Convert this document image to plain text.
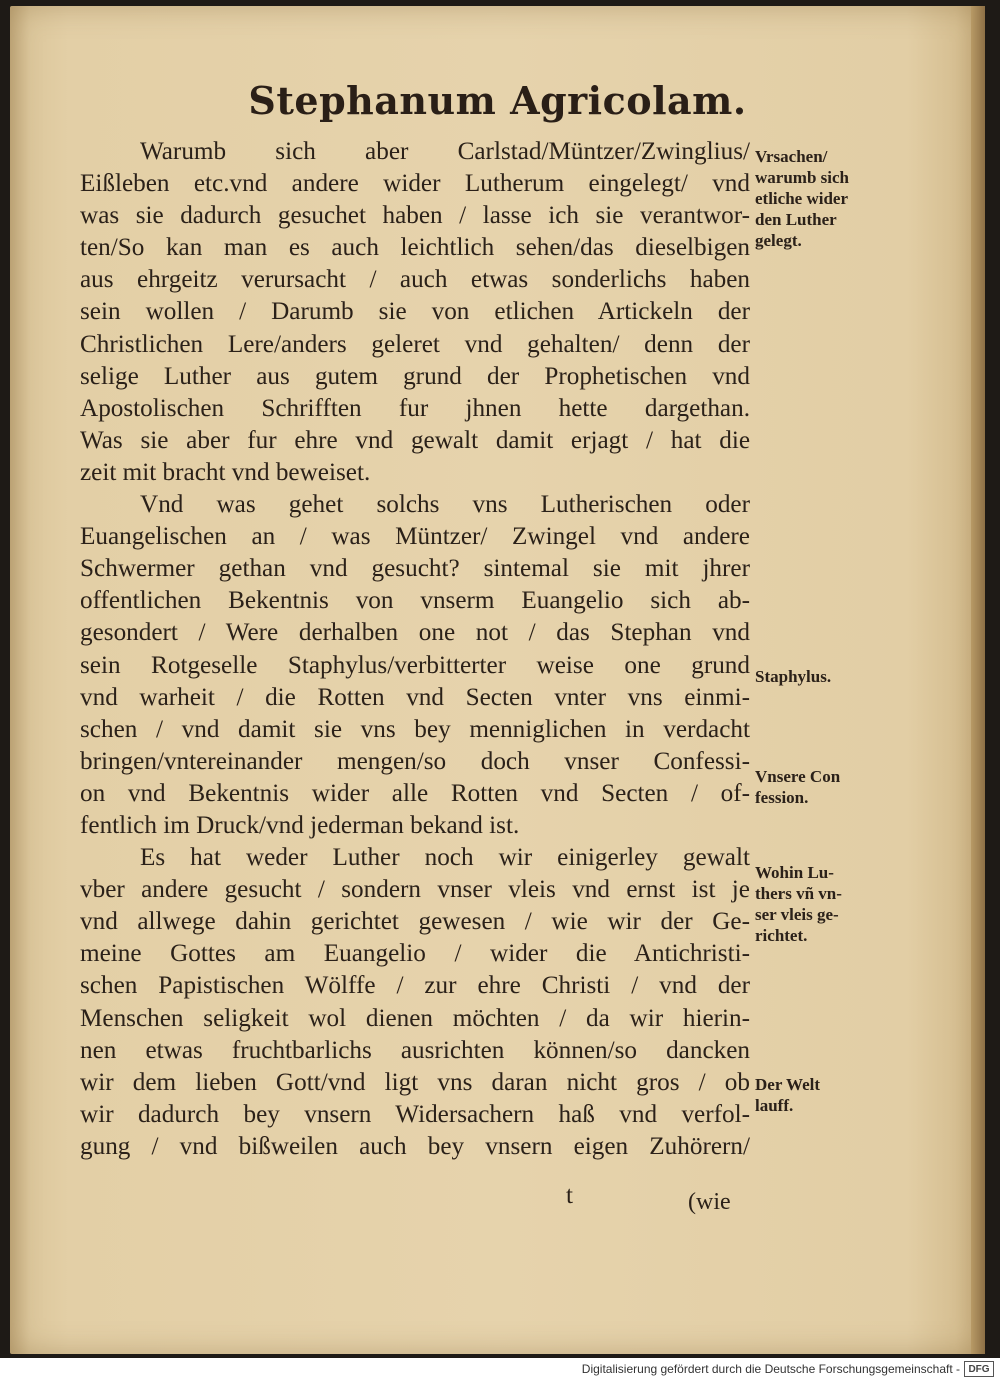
Stephanum Agricolam.
Warumb sich aber Carlstad/Müntzer/Zwinglius/
Eißleben etc.vnd andere wider Lutherum eingelegt/ vnd
was sie dadurch gesuchet haben / lasse ich sie verantwor-
ten/So kan man es auch leichtlich sehen/das dieselbigen
aus ehrgeitz verursacht / auch etwas sonderlichs haben
sein wollen / Darumb sie von etlichen Artickeln der
Christlichen Lere/anders geleret vnd gehalten/ denn der
selige Luther aus gutem grund der Prophetischen vnd
Apostolischen Schrifften fur jhnen hette dargethan.
Was sie aber fur ehre vnd gewalt damit erjagt / hat die
zeit mit bracht vnd beweiset.
Vnd was gehet solchs vns Lutherischen oder
Euangelischen an / was Müntzer/ Zwingel vnd andere
Schwermer gethan vnd gesucht? sintemal sie mit jhrer
offentlichen Bekentnis von vnserm Euangelio sich ab-
gesondert / Were derhalben one not / das Stephan vnd
sein Rotgeselle Staphylus/verbitterter weise one grund
vnd warheit / die Rotten vnd Secten vnter vns einmi-
schen / vnd damit sie vns bey menniglichen in verdacht
bringen/vntereinander mengen/so doch vnser Confessi-
on vnd Bekentnis wider alle Rotten vnd Secten / of-
fentlich im Druck/vnd jederman bekand ist.
Es hat weder Luther noch wir einigerley gewalt
vber andere gesucht / sondern vnser vleis vnd ernst ist je
vnd allwege dahin gerichtet gewesen / wie wir der Ge-
meine Gottes am Euangelio / wider die Antichristi-
schen Papistischen Wölffe / zur ehre Christi / vnd der
Menschen seligkeit wol dienen möchten / da wir hierin-
nen etwas fruchtbarlichs ausrichten können/so dancken
wir dem lieben Gott/vnd ligt vns daran nicht gros / ob
wir dadurch bey vnsern Widersachern haß vnd verfol-
gung / vnd bißweilen auch bey vnsern eigen Zuhörern/
Vrsachen/
warumb sich
etliche wider
den Luther
gelegt.
Staphylus.
Vnsere Con
fession.
Wohin Lu-
thers vñ vn-
ser vleis ge-
richtet.
Der Welt
lauff.
t	(wie
Digitalisierung gefördert durch die Deutsche Forschungsgemeinschaft - DFG
